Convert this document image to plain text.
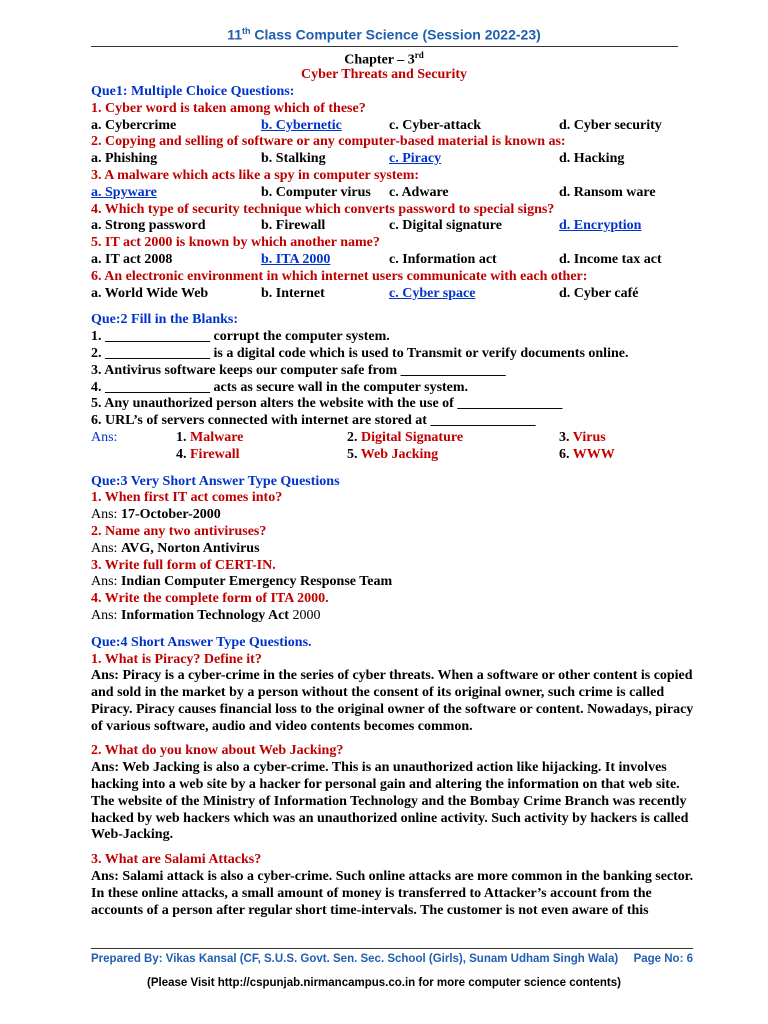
11th Class Computer Science (Session 2022-23)
Chapter – 3rd
Cyber Threats and Security
Que1: Multiple Choice Questions:
1. Cyber word is taken among which of these?
a. Cybercrime	b. Cybernetic	c. Cyber-attack	d. Cyber security
2. Copying and selling of software or any computer-based material is known as:
a. Phishing	b. Stalking	c. Piracy	d. Hacking
3. A malware which acts like a spy in computer system:
a. Spyware	b. Computer virus c. Adware	d. Ransom ware
4. Which type of security technique which converts password to special signs?
a. Strong password	b. Firewall	c. Digital signature	d. Encryption
5. IT act 2000 is known by which another name?
a. IT act 2008	b. ITA 2000	c. Information act	d. Income tax act
6. An electronic environment in which internet users communicate with each other:
a. World Wide Web	b. Internet	c. Cyber space	d. Cyber café
Que:2 Fill in the Blanks:
1. _______________ corrupt the computer system.
2. _______________ is a digital code which is used to Transmit or verify documents online.
3. Antivirus software keeps our computer safe from _______________
4. _______________ acts as secure wall in the computer system.
5. Any unauthorized person alters the website with the use of _______________
6. URL’s of servers connected with internet are stored at _______________
Ans:	1. Malware	2. Digital Signature	3. Virus
4. Firewall	5. Web Jacking	6. WWW
Que:3 Very Short Answer Type Questions
1. When first IT act comes into?
Ans: 17-October-2000
2. Name any two antiviruses?
Ans: AVG, Norton Antivirus
3. Write full form of CERT-IN.
Ans: Indian Computer Emergency Response Team
4. Write the complete form of ITA 2000.
Ans: Information Technology Act 2000
Que:4 Short Answer Type Questions.
1. What is Piracy? Define it?
Ans: Piracy is a cyber-crime in the series of cyber threats. When a software or other content is copied
and sold in the market by a person without the consent of its original owner, such crime is called
Piracy. Piracy causes financial loss to the original owner of the software or content. Nowadays, piracy
of various software, audio and video contents becomes common.
2. What do you know about Web Jacking?
Ans: Web Jacking is also a cyber-crime. This is an unauthorized action like hijacking. It involves
hacking into a web site by a hacker for personal gain and altering the information on that web site.
The website of the Ministry of Information Technology and the Bombay Crime Branch was recently
hacked by web hackers which was an unauthorized online activity. Such activity by hackers is called
Web-Jacking.
3. What are Salami Attacks?
Ans: Salami attack is also a cyber-crime. Such online attacks are more common in the banking sector.
In these online attacks, a small amount of money is transferred to Attacker’s account from the
accounts of a person after regular short time-intervals. The customer is not even aware of this
Prepared By: Vikas Kansal (CF, S.U.S. Govt. Sen. Sec. School (Girls), Sunam Udham Singh Wala) Page No: 6
(Please Visit http://cspunjab.nirmancampus.co.in for more computer science contents)
